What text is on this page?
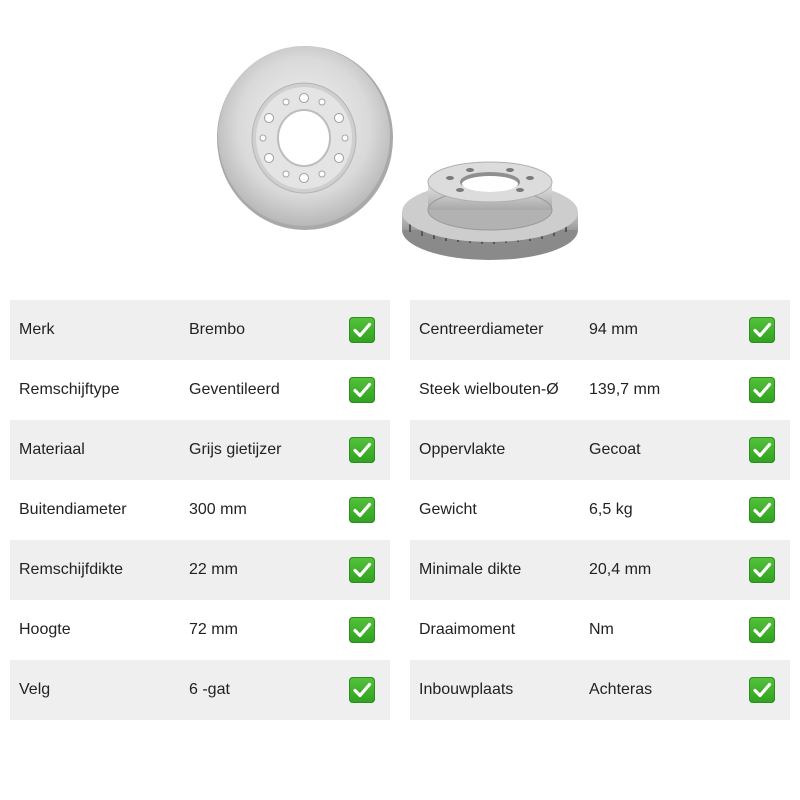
Merk	Brembo
Remschijftype	Geventileerd
Materiaal	Grijs gietijzer
Buitendiameter	300 mm
Remschijfdikte	22 mm
Hoogte	72 mm
Velg	6 -gat
Centreerdiameter	94 mm
Steek wielbouten-Ø 139,7 mm
Oppervlakte	Gecoat
Gewicht	6,5 kg
Minimale dikte	20,4 mm
Draaimoment	Nm
Inbouwplaats	Achteras
